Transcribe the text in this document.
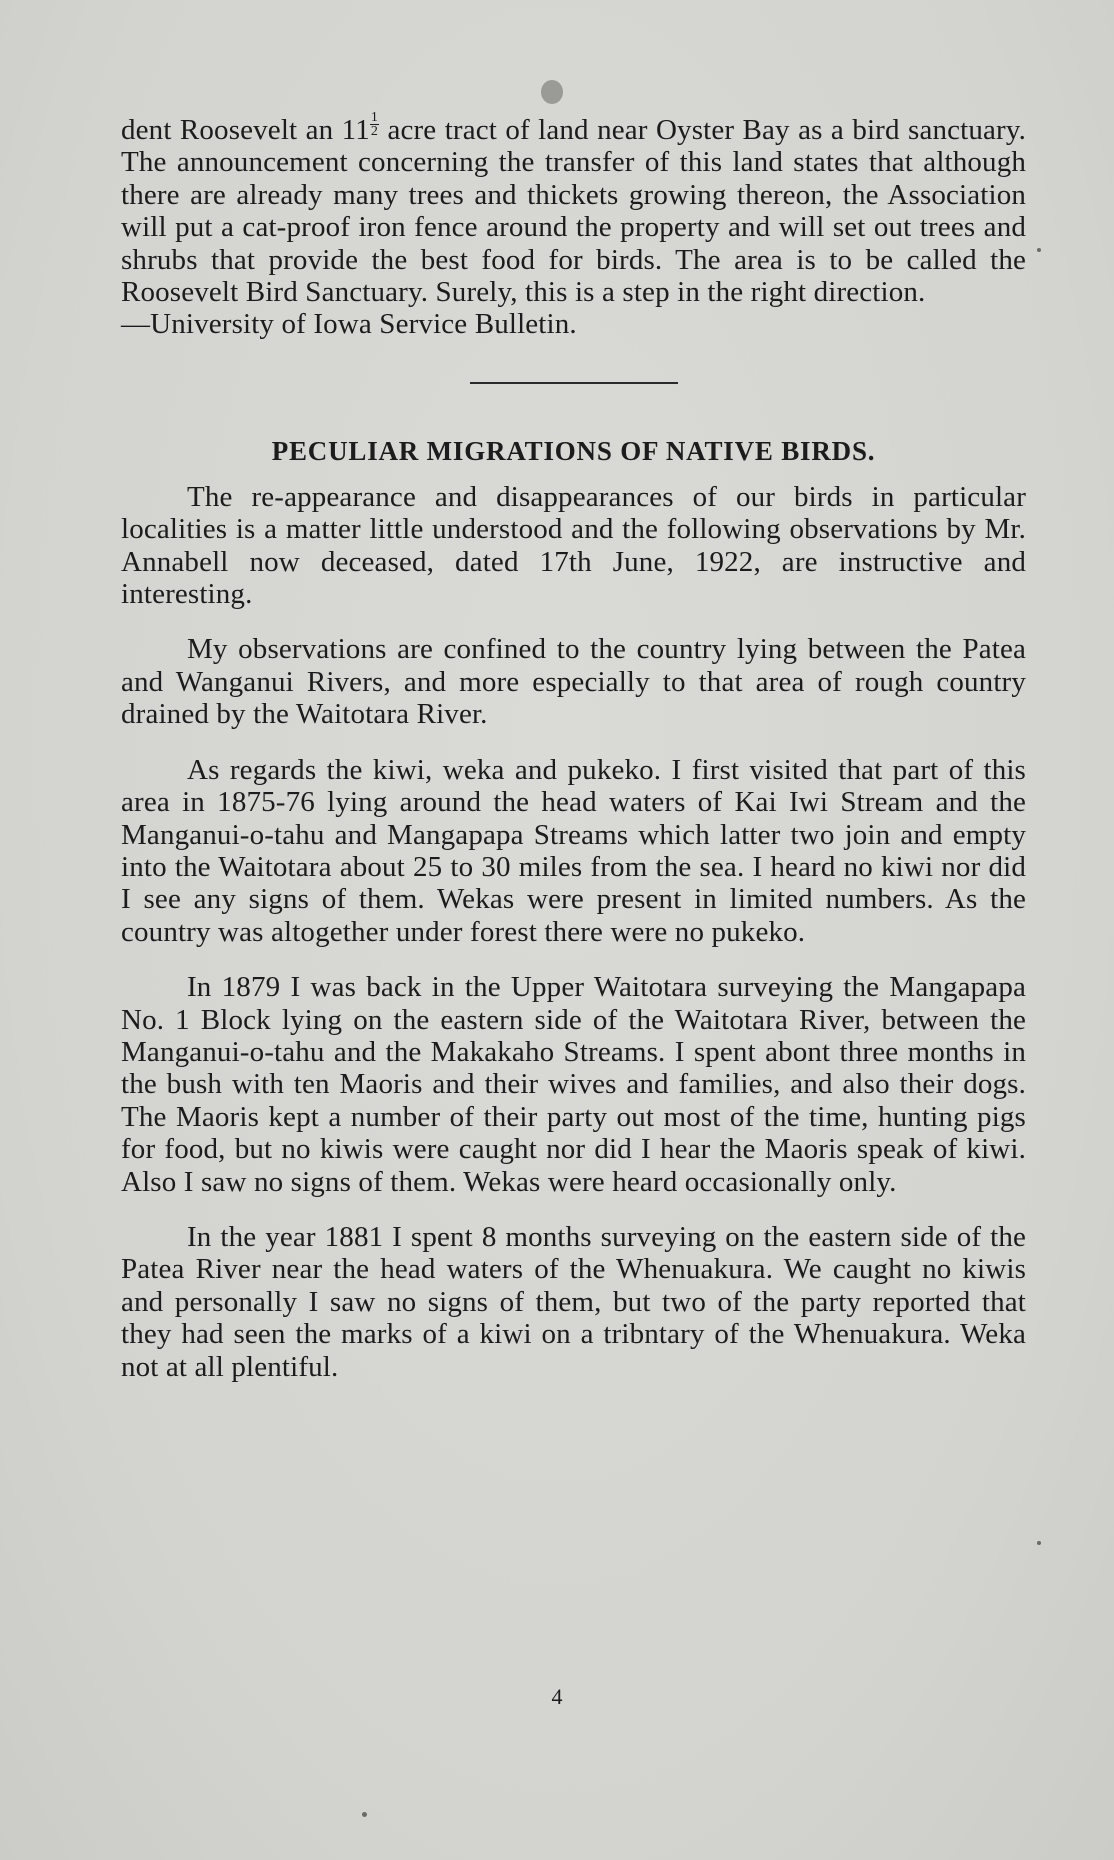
dent Roosevelt an $11 \frac{1}{2}$ acre tract of land near Oyster Bay as a bird sanctuary. The announcement concerning the transfer of this land states that although there are already many trees and thickets growing thereon, the Association will put a cat-proof iron fence around the property and will set out trees and shrubs that provide the best food for birds. The area is to be called the Roosevelt Bird Sanctuary. Surely, this is a step in the right direction.

—University of Iowa Service Bulletin.

PECULIAR MIGRATIONS OF NATIVE BIRDS.

The re-appearance and disappearances of our birds in particular localities is a matter little understood and the following observations by Mr. Annabell now deceased, dated 17th June, 1922, are instructive and interesting.

My observations are confined to the country lying between the Patea and Wanganui Rivers, and more especially to that area of rough country drained by the Waitotara River.

As regards the kiwi, weka and pukeko. I first visited that part of this area in 1875-76 lying around the head waters of Kai Iwi Stream and the Manganui-o-tahu and Mangapapa Streams which latter two join and empty into the Waitotara about 25 to 30 miles from the sea. I heard no kiwi nor did I see any signs of them. Wekas were present in limited numbers. As the country was altogether under forest there were no pukeko.

In 1879 I was back in the Upper Waitotara surveying the Mangapapa No. 1 Block lying on the eastern side of the Waitotara River, between the Manganui-o-tahu and the Makakaho Streams. I spent abont three months in the bush with ten Maoris and their wives and families, and also their dogs. The Maoris kept a number of their party out most of the time, hunting pigs for food, but no kiwis were caught nor did I hear the Maoris speak of kiwi. Also I saw no signs of them. Wekas were heard occasionally only.

In the year 1881 I spent 8 months surveying on the eastern side of the Patea River near the head waters of the Whenuakura. We caught no kiwis and personally I saw no signs of them, but two of the party reported that they had seen the marks of a kiwi on a tribntary of the Whenuakura. Weka not at all plentiful.

4
